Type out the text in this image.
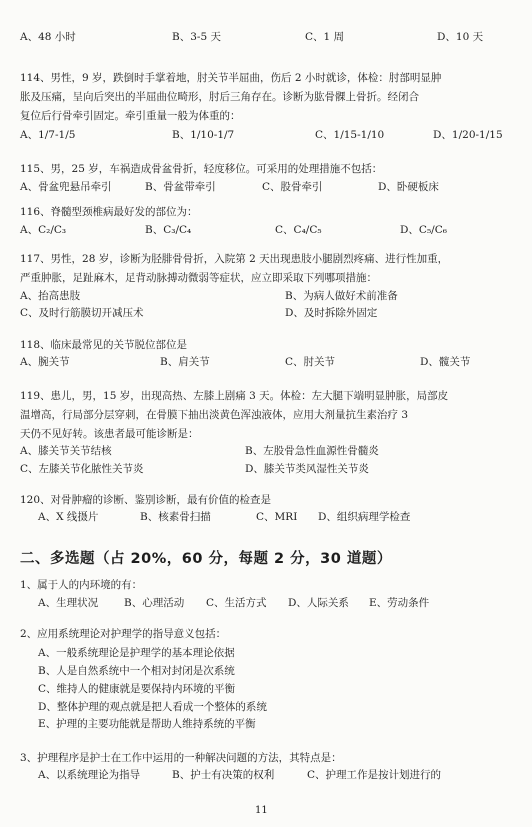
A、48 小时	B、3-5 天	C、1 周	D、10 天
114、男性，9 岁，跌倒时手掌着地，肘关节半屈曲，伤后 2 小时就诊，体检：肘部明显肿
胀及压痛，呈向后突出的半屈曲位畸形，肘后三角存在。诊断为肱骨髁上骨折。经闭合
复位后行骨牵引固定。牵引重量一般为体重的：
A、1/7-1/5	B、1/10-1/7	C、1/15-1/10	D、1/20-1/15
115、男，25 岁，车祸造成骨盆骨折，轻度移位。可采用的处理措施不包括：
A、骨盆兜悬吊牵引	B、骨盆带牵引	C、股骨牵引	D、卧硬板床
116、脊髓型颈椎病最好发的部位为：
A、C₂/C₃	B、C₃/C₄	C、C₄/C₅	D、C₅/C₆
117、男性，28 岁，诊断为胫腓骨骨折，入院第 2 天出现患肢小腿剧烈疼痛、进行性加重，
严重肿胀，足趾麻木，足背动脉搏动微弱等症状，应立即采取下列哪项措施：
A、抬高患肢	B、为病人做好术前准备
C、及时行筋膜切开减压术	D、及时拆除外固定
118、临床最常见的关节脱位部位是
A、腕关节	B、肩关节	C、肘关节	D、髋关节
119、患儿，男，15 岁，出现高热、左膝上剧痛 3 天。体检：左大腿下端明显肿胀，局部皮
温增高，行局部分层穿刺，在骨膜下抽出淡黄色浑浊液体，应用大剂量抗生素治疗 3
天仍不见好转。该患者最可能诊断是：
A、膝关节关节结核	B、左股骨急性血源性骨髓炎
C、左膝关节化脓性关节炎	D、膝关节类风湿性关节炎
120、对骨肿瘤的诊断、鉴别诊断，最有价值的检查是
A、X 线摄片	B、核素骨扫描	C、MRI D、组织病理学检查
二、多选题（占 20%，60 分，每题 2 分，30 道题）
1、属于人的内环境的有：
A、生理状况 B、心理活动 C、生活方式 D、人际关系 E、劳动条件
2、应用系统理论对护理学的指导意义包括：
A、一般系统理论是护理学的基本理论依据
B、人是自然系统中一个相对封闭是次系统
C、维持人的健康就是要保持内环境的平衡
D、整体护理的观点就是把人看成一个整体的系统
E、护理的主要功能就是帮助人维持系统的平衡
3、护理程序是护士在工作中运用的一种解决问题的方法，其特点是：
A、以系统理论为指导	B、护士有决策的权利	C、护理工作是按计划进行的
11
